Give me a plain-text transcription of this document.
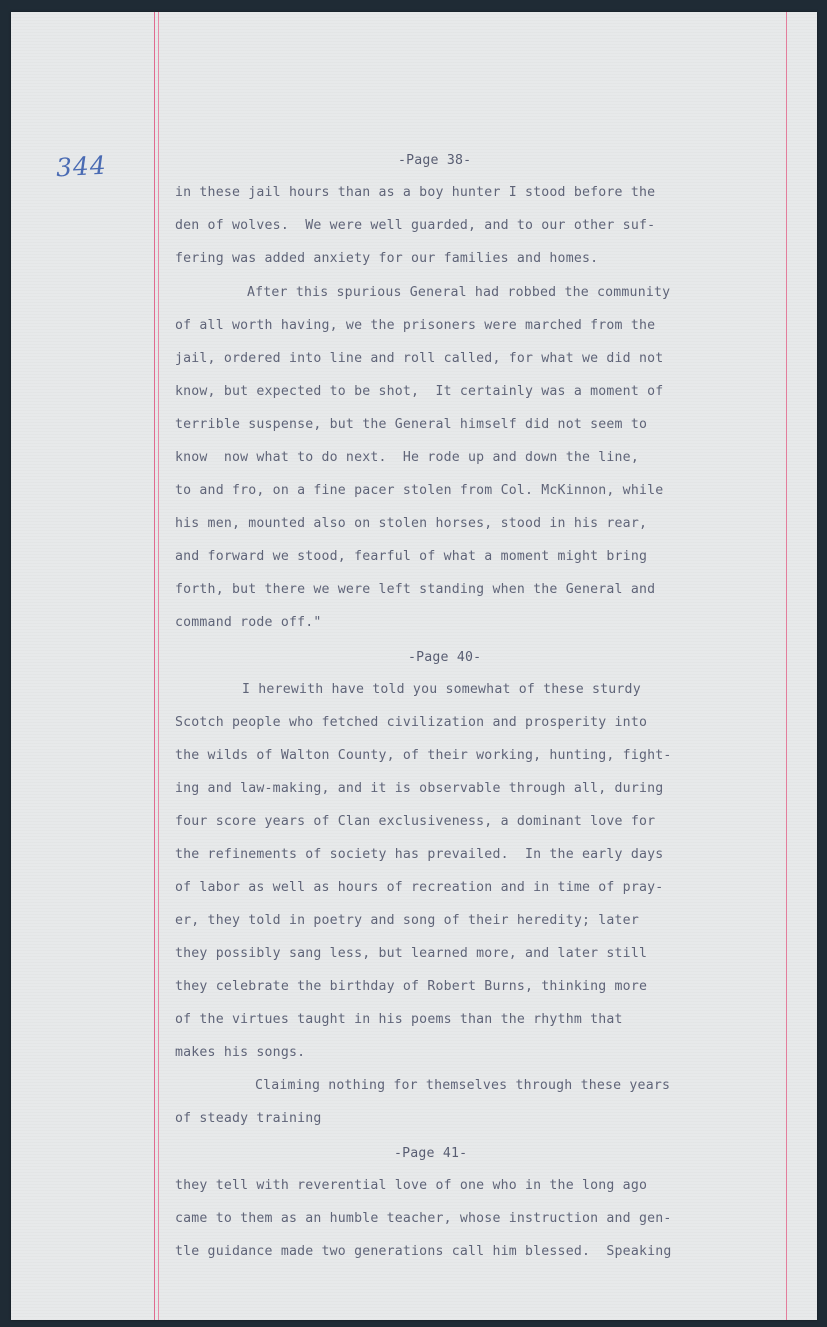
344	-Page 38-
in these jail hours than as a boy hunter I stood before the
den of wolves.  We were well guarded, and to our other suf-
fering was added anxiety for our families and homes.
After this spurious General had robbed the community
of all worth having, we the prisoners were marched from the
jail, ordered into line and roll called, for what we did not
know, but expected to be shot,  It certainly was a moment of
terrible suspense, but the General himself did not seem to
know  now what to do next.  He rode up and down the line,
to and fro, on a fine pacer stolen from Col. McKinnon, while
his men, mounted also on stolen horses, stood in his rear,
and forward we stood, fearful of what a moment might bring
forth, but there we were left standing when the General and
command rode off."
-Page 40-
I herewith have told you somewhat of these sturdy
Scotch people who fetched civilization and prosperity into
the wilds of Walton County, of their working, hunting, fight-
ing and law-making, and it is observable through all, during
four score years of Clan exclusiveness, a dominant love for
the refinements of society has prevailed.  In the early days
of labor as well as hours of recreation and in time of pray-
er, they told in poetry and song of their heredity; later
they possibly sang less, but learned more, and later still
they celebrate the birthday of Robert Burns, thinking more
of the virtues taught in his poems than the rhythm that
makes his songs.
Claiming nothing for themselves through these years
of steady training
-Page 41-
they tell with reverential love of one who in the long ago
came to them as an humble teacher, whose instruction and gen-
tle guidance made two generations call him blessed.  Speaking
